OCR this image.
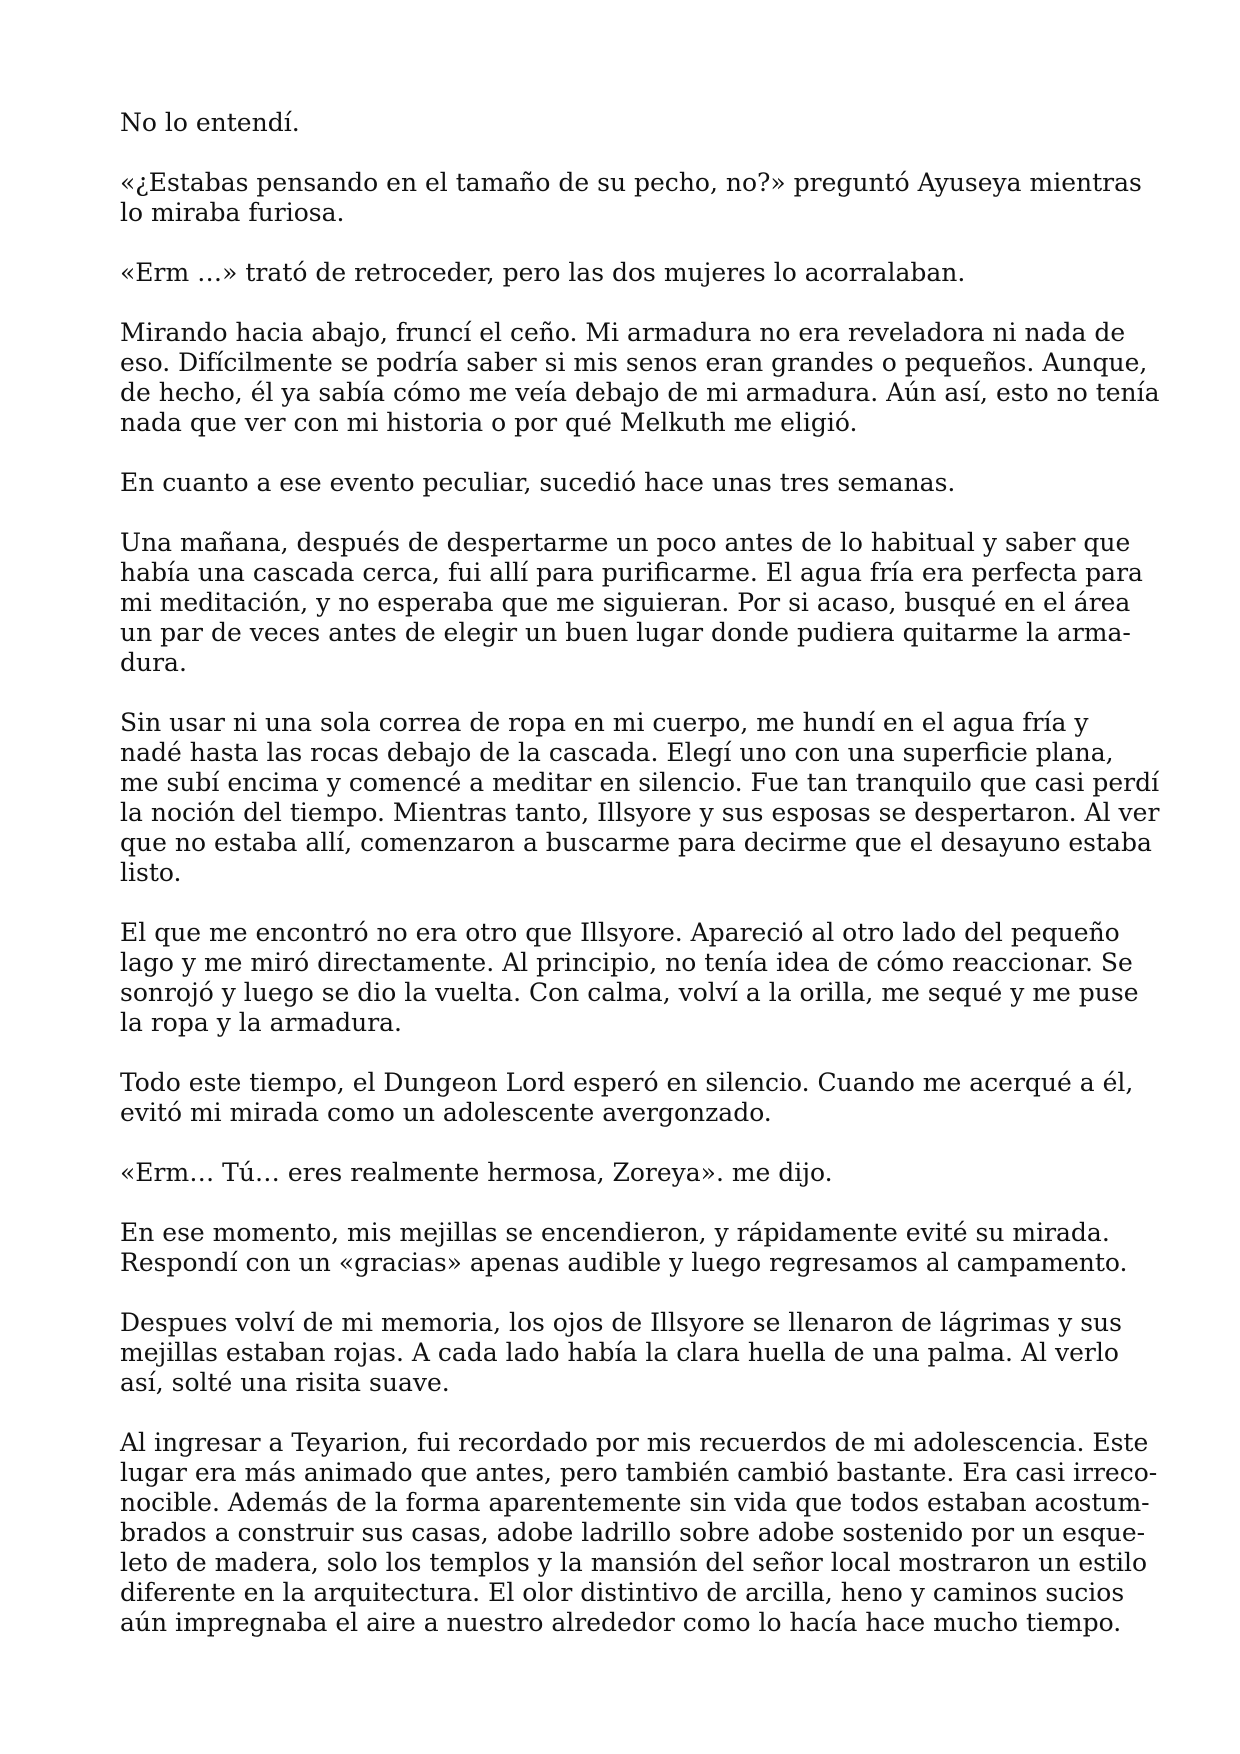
No lo entendí.
«¿Estabas pensando en el tamaño de su pecho, no?» preguntó Ayuseya mientras
lo miraba furiosa.
«Erm …» trató de retroceder, pero las dos mujeres lo acorralaban.
Mirando hacia abajo, fruncí el ceño. Mi armadura no era reveladora ni nada de
eso. Difícilmente se podría saber si mis senos eran grandes o pequeños. Aunque,
de hecho, él ya sabía cómo me veía debajo de mi armadura. Aún así, esto no tenía
nada que ver con mi historia o por qué Melkuth me eligió.
En cuanto a ese evento peculiar, sucedió hace unas tres semanas.
Una mañana, después de despertarme un poco antes de lo habitual y saber que
había una cascada cerca, fui allí para purificarme. El agua fría era perfecta para
mi meditación, y no esperaba que me siguieran. Por si acaso, busqué en el área
un par de veces antes de elegir un buen lugar donde pudiera quitarme la arma-
dura.
Sin usar ni una sola correa de ropa en mi cuerpo, me hundí en el agua fría y
nadé hasta las rocas debajo de la cascada. Elegí uno con una superficie plana,
me subí encima y comencé a meditar en silencio. Fue tan tranquilo que casi perdí
la noción del tiempo. Mientras tanto, Illsyore y sus esposas se despertaron. Al ver
que no estaba allí, comenzaron a buscarme para decirme que el desayuno estaba
listo.
El que me encontró no era otro que Illsyore. Apareció al otro lado del pequeño
lago y me miró directamente. Al principio, no tenía idea de cómo reaccionar. Se
sonrojó y luego se dio la vuelta. Con calma, volví a la orilla, me sequé y me puse
la ropa y la armadura.
Todo este tiempo, el Dungeon Lord esperó en silencio. Cuando me acerqué a él,
evitó mi mirada como un adolescente avergonzado.
«Erm… Tú… eres realmente hermosa, Zoreya». me dijo.
En ese momento, mis mejillas se encendieron, y rápidamente evité su mirada.
Respondí con un «gracias» apenas audible y luego regresamos al campamento.
Despues volví de mi memoria, los ojos de Illsyore se llenaron de lágrimas y sus
mejillas estaban rojas. A cada lado había la clara huella de una palma. Al verlo
así, solté una risita suave.
Al ingresar a Teyarion, fui recordado por mis recuerdos de mi adolescencia. Este
lugar era más animado que antes, pero también cambió bastante. Era casi irreco-
nocible. Además de la forma aparentemente sin vida que todos estaban acostum-
brados a construir sus casas, adobe ladrillo sobre adobe sostenido por un esque-
leto de madera, solo los templos y la mansión del señor local mostraron un estilo
diferente en la arquitectura. El olor distintivo de arcilla, heno y caminos sucios
aún impregnaba el aire a nuestro alrededor como lo hacía hace mucho tiempo.
